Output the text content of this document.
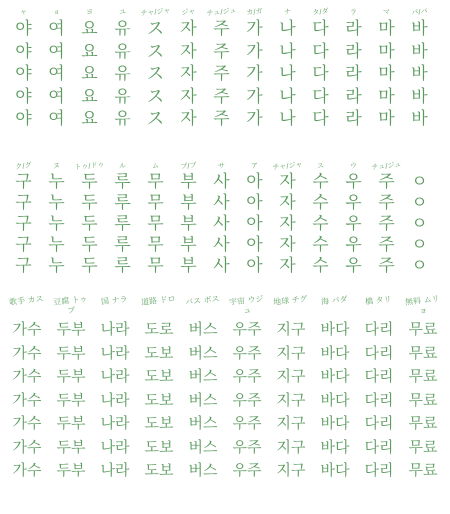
ャ
야
야
야
야
야
ョ
여
여
여
여
여
ヨ
요
요
요
요
요
ユ
유
유
유
유
유
チャ/ジャ
ス
ス
ス
ス
ス
ジャ
자
자
자
자
자
チュ/ジュ
주
주
주
주
주
カ/ガ
가
가
가
가
가
ナ
나
나
나
나
나
タ/ダ
다
다
다
다
다
ラ
라
라
라
라
라
マ
마
마
마
마
마
パ/バ
바
바
바
바
바
ク/グ
구
구
구
구
구
ヌ
누
누
누
누
누
トゥ/ドゥ
두
두
두
두
두
ル
루
루
루
루
루
ム
무
무
무
무
무
プ/ブ
부
부
부
부
부
サ
사
사
사
사
사
ア
아
아
아
아
아
チャ/ジャ
자
자
자
자
자
ス
수
수
수
수
수
ウ
우
우
우
우
우
チュ/ジュ
주
주
주
주
주
ㅇ
ㅇ
ㅇ
ㅇ
ㅇ
歌手 カス
가수
가수
가수
가수
가수
가수
가수
豆腐 トゥブ
두부
두부
두부
두부
두부
두부
두부
国 ナラ
나라
나라
나라
나라
나라
나라
나라
道路 ドロ
도로
도보
도보
도보
도보
도보
도보
バス ボス
버스
버스
버스
버스
버스
버스
버스
宇宙 ウジュ
우주
우주
우주
우주
우주
우주
우주
地球 チグ
지구
지구
지구
지구
지구
지구
지구
海 パダ
바다
바다
바다
바다
바다
바다
바다
橋 タリ
다리
다리
다리
다리
다리
다리
다리
無料 ムリョ
무료
무료
무료
무료
무료
무료
무료
